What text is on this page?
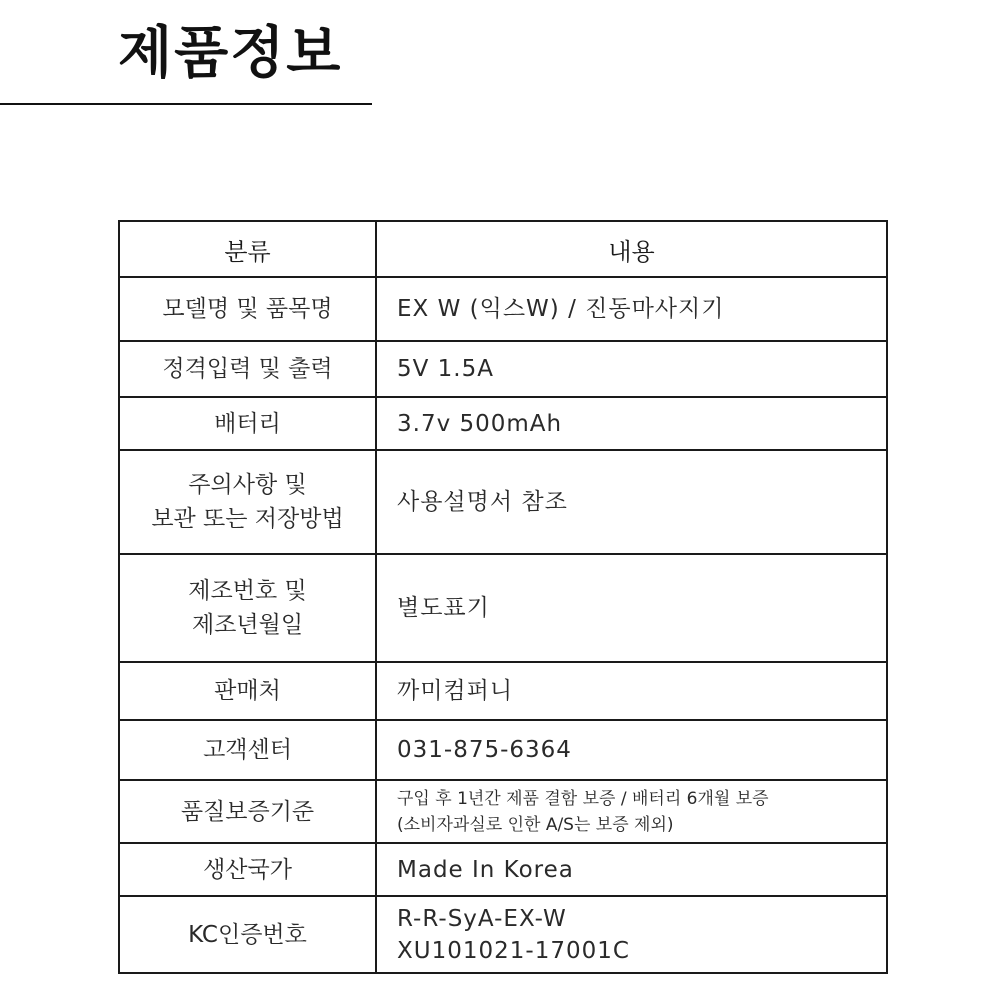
제품정보
분류	내용

모델명 및 품목명	EX W (익스W) / 진동마사지기

정격입력 및 출력	5V 1.5A

배터리	3.7v 500mAh

주의사항 및
보관 또는 저장방법	사용설명서 참조

제조번호 및
제조년월일	별도표기

판매처	까미컴퍼니

고객센터	031-875-6364

품질보증기준	구입 후 1년간 제품 결함 보증 / 배터리 6개월 보증
(소비자과실로 인한 A/S는 보증 제외)

생산국가	Made In Korea

KC인증번호	R-R-SyA-EX-W
XU101021-17001C
